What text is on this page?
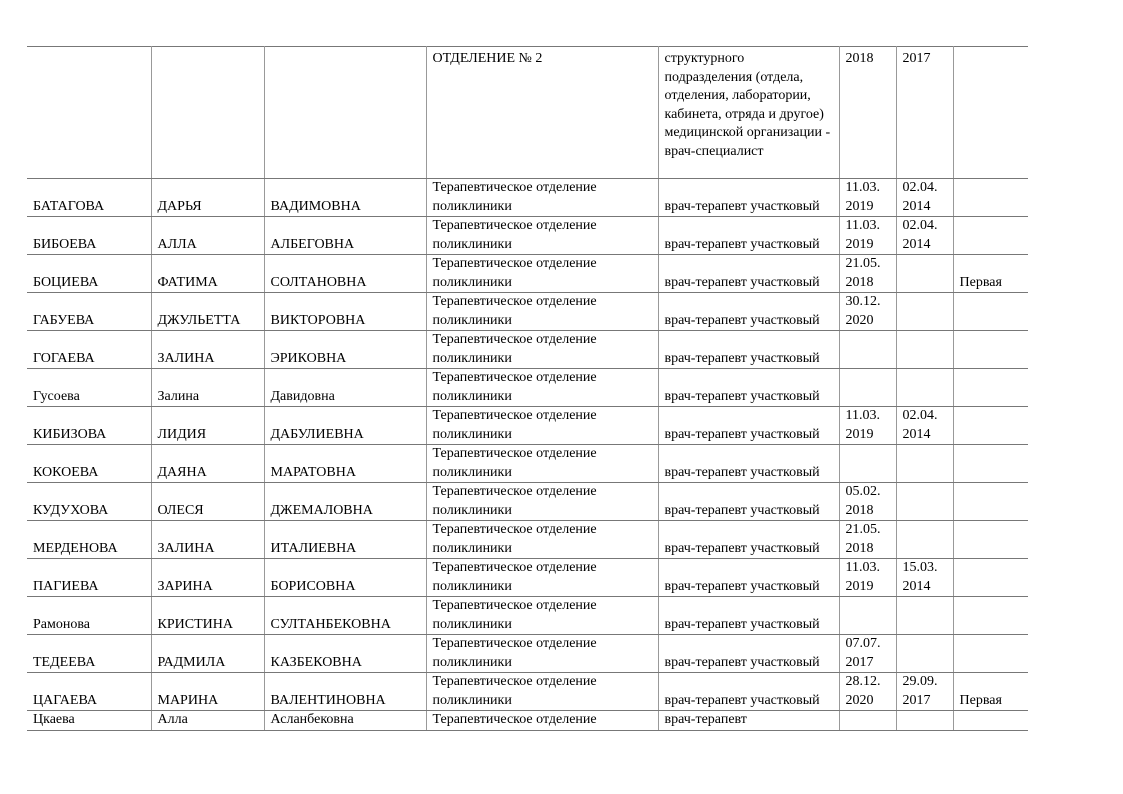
			ОТДЕЛЕНИЕ № 2	структурного подразделения (отдела, отделения, лаборатории, кабинета, отряда и другое) медицинской организации - врач-специалист	2018	2017	
БАТАГОВА	ДАРЬЯ	ВАДИМОВНА	Терапевтическое отделение поликлиники	врач-терапевт участковый	11.03. 2019	02.04. 2014	
БИБОЕВА	АЛЛА	АЛБЕГОВНА	Терапевтическое отделение поликлиники	врач-терапевт участковый	11.03. 2019	02.04. 2014	
БОЦИЕВА	ФАТИМА	СОЛТАНОВНА	Терапевтическое отделение поликлиники	врач-терапевт участковый	21.05. 2018		Первая
ГАБУЕВА	ДЖУЛЬЕТТА	ВИКТОРОВНА	Терапевтическое отделение поликлиники	врач-терапевт участковый	30.12. 2020		
ГОГАЕВА	ЗАЛИНА	ЭРИКОВНА	Терапевтическое отделение поликлиники	врач-терапевт участковый			
Гусоева	Залина	Давидовна	Терапевтическое отделение поликлиники	врач-терапевт участковый			
КИБИЗОВА	ЛИДИЯ	ДАБУЛИЕВНА	Терапевтическое отделение поликлиники	врач-терапевт участковый	11.03. 2019	02.04. 2014	
КОКОЕВА	ДАЯНА	МАРАТОВНА	Терапевтическое отделение поликлиники	врач-терапевт участковый			
КУДУХОВА	ОЛЕСЯ	ДЖЕМАЛОВНА	Терапевтическое отделение поликлиники	врач-терапевт участковый	05.02. 2018		
МЕРДЕНОВА	ЗАЛИНА	ИТАЛИЕВНА	Терапевтическое отделение поликлиники	врач-терапевт участковый	21.05. 2018		
ПАГИЕВА	ЗАРИНА	БОРИСОВНА	Терапевтическое отделение поликлиники	врач-терапевт участковый	11.03. 2019	15.03. 2014	
Рамонова	КРИСТИНА	СУЛТАНБЕКОВНА	Терапевтическое отделение поликлиники	врач-терапевт участковый			
ТЕДЕЕВА	РАДМИЛА	КАЗБЕКОВНА	Терапевтическое отделение поликлиники	врач-терапевт участковый	07.07. 2017		
ЦАГАЕВА	МАРИНА	ВАЛЕНТИНОВНА	Терапевтическое отделение поликлиники	врач-терапевт участковый	28.12. 2020	29.09. 2017	Первая
Цкаева	Алла	Асланбековна	Терапевтическое отделение	врач-терапевт			
